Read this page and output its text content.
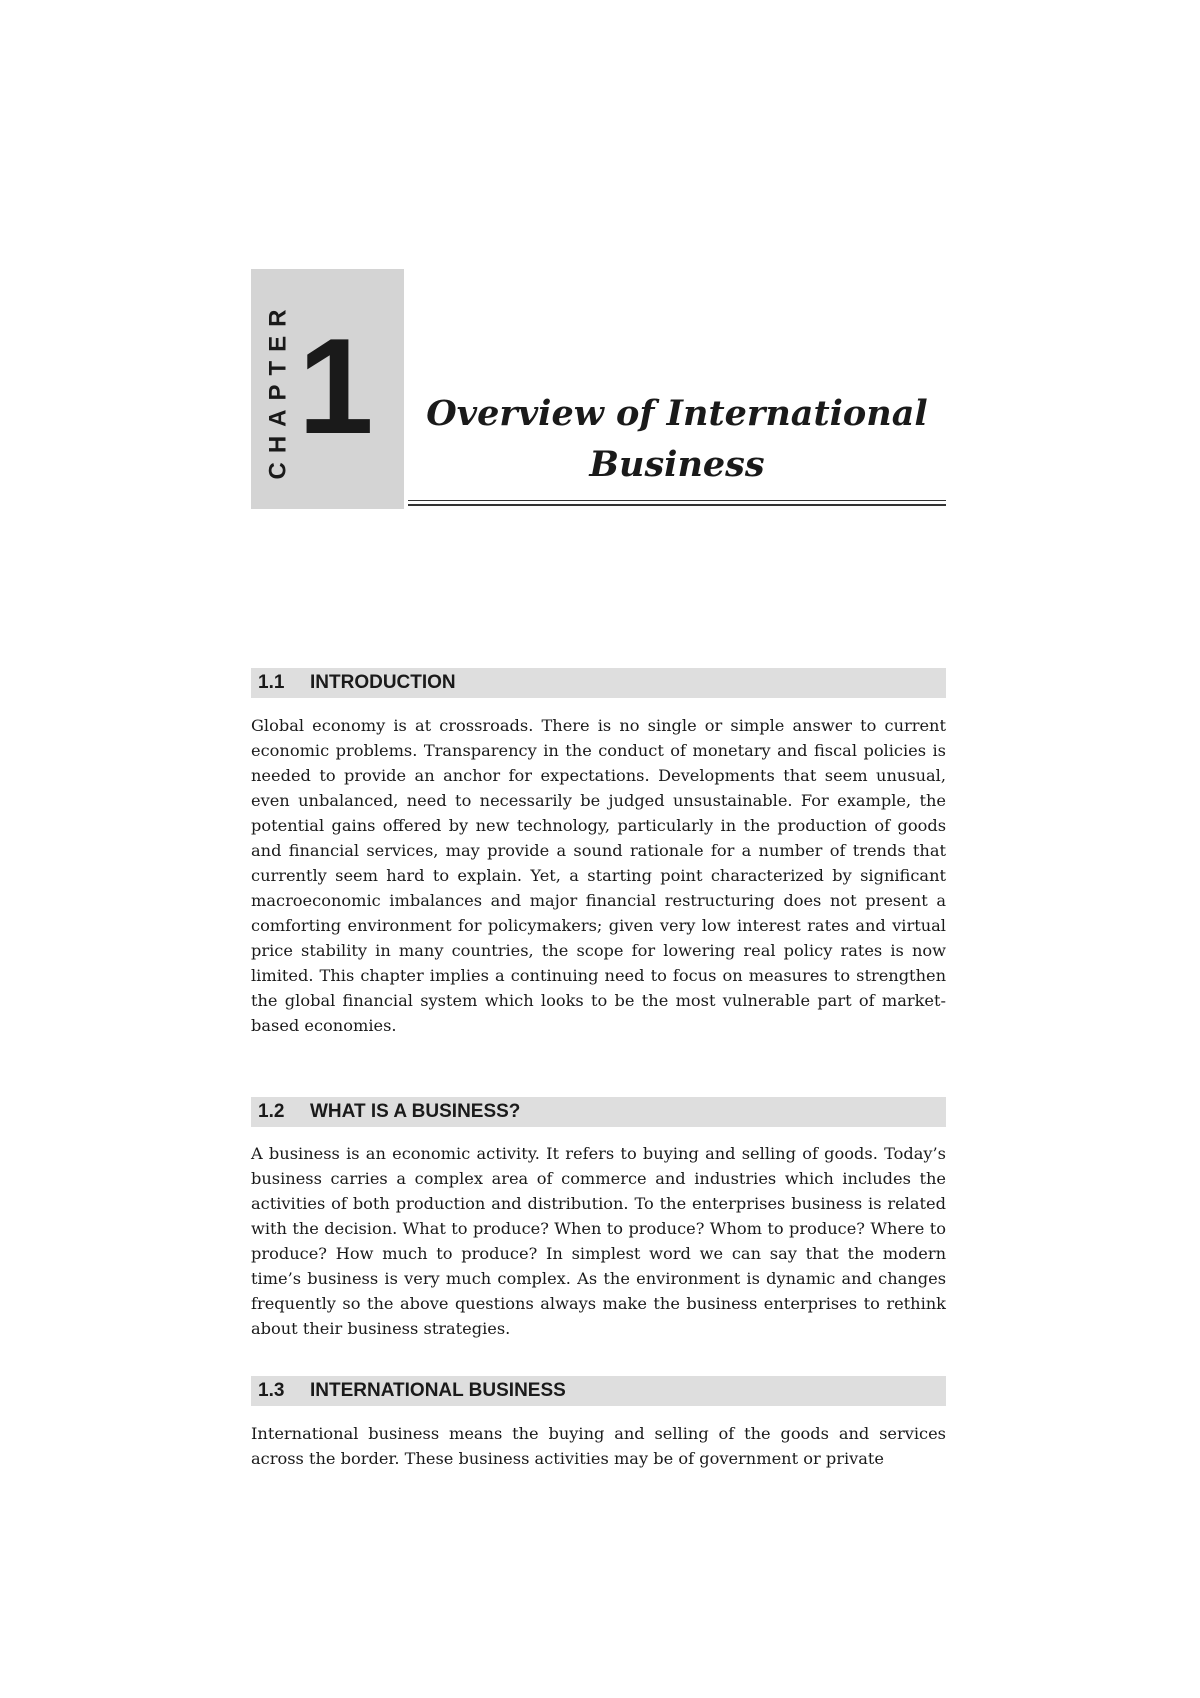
CHAPTER 1	Overview of International
Business
1.1 INTRODUCTION

Global economy is at crossroads. There is no single or simple answer to current economic problems. Transparency in the conduct of monetary and fiscal policies is needed to provide an anchor for expectations. Developments that seem unusual, even unbalanced, need to necessarily be judged unsustainable. For example, the potential gains offered by new technology, particularly in the production of goods and financial services, may provide a sound rationale for a number of trends that currently seem hard to explain. Yet, a starting point characterized by significant macroeconomic imbalances and major financial restructuring does not present a comforting environment for policymakers; given very low interest rates and virtual price stability in many countries, the scope for lowering real policy rates is now limited. This chapter implies a continuing need to focus on measures to strengthen the global financial system which looks to be the most vulnerable part of market-based economies.

1.2 WHAT IS A BUSINESS?

A business is an economic activity. It refers to buying and selling of goods. Today’s business carries a complex area of commerce and industries which includes the activities of both production and distribution. To the enterprises business is related with the decision. What to produce? When to produce? Whom to produce? Where to produce? How much to produce? In simplest word we can say that the modern time’s business is very much complex. As the environment is dynamic and changes frequently so the above questions always make the business enterprises to rethink about their business strategies.

1.3 INTERNATIONAL BUSINESS

International business means the buying and selling of the goods and services across the border. These business activities may be of government or private
